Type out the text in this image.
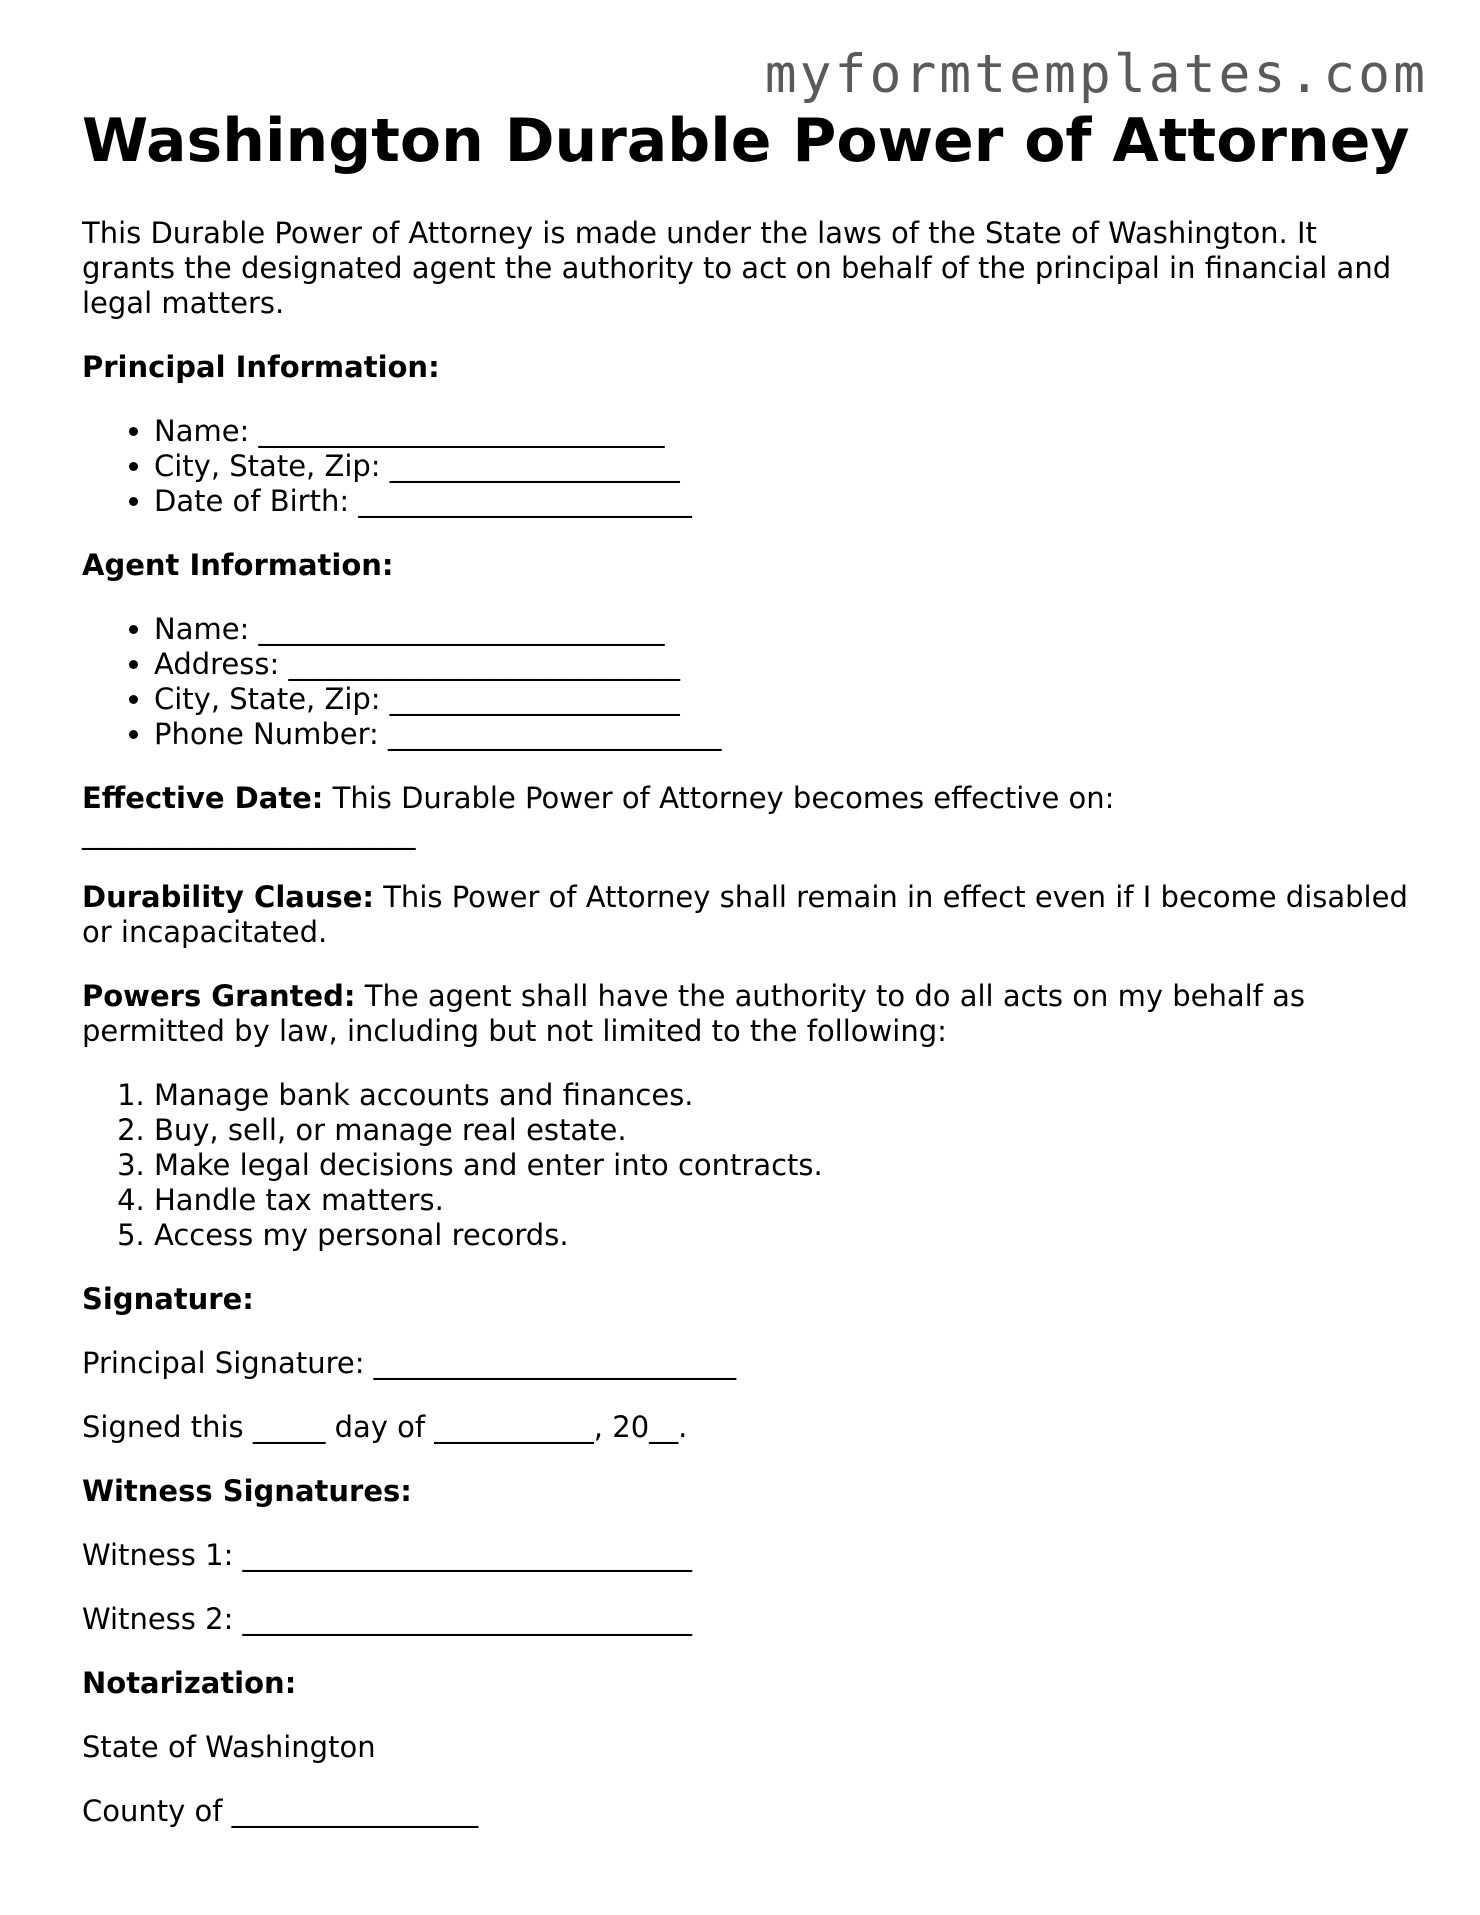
myformtemplates.com
Washington Durable Power of Attorney

This Durable Power of Attorney is made under the laws of the State of Washington. It grants the designated agent the authority to act on behalf of the principal in financial and legal matters.

Principal Information:
• Name: ____________________________
• City, State, Zip: ____________________
• Date of Birth: _______________________
Agent Information:
• Name: ____________________________
• Address: ___________________________
• City, State, Zip: ____________________
• Phone Number: _______________________

Effective Date: This Durable Power of Attorney becomes effective on: _______________________

Durability Clause: This Power of Attorney shall remain in effect even if I become disabled or incapacitated.

Powers Granted: The agent shall have the authority to do all acts on my behalf as permitted by law, including but not limited to the following:

1. Manage bank accounts and finances.
2. Buy, sell, or manage real estate.
3. Make legal decisions and enter into contracts.
4. Handle tax matters.
5. Access my personal records.
Signature:

Principal Signature: _________________________

Signed this _____ day of ___________, 20__.

Witness Signatures:

Witness 1: _______________________________

Witness 2: _______________________________

Notarization:

State of Washington

County of _________________
